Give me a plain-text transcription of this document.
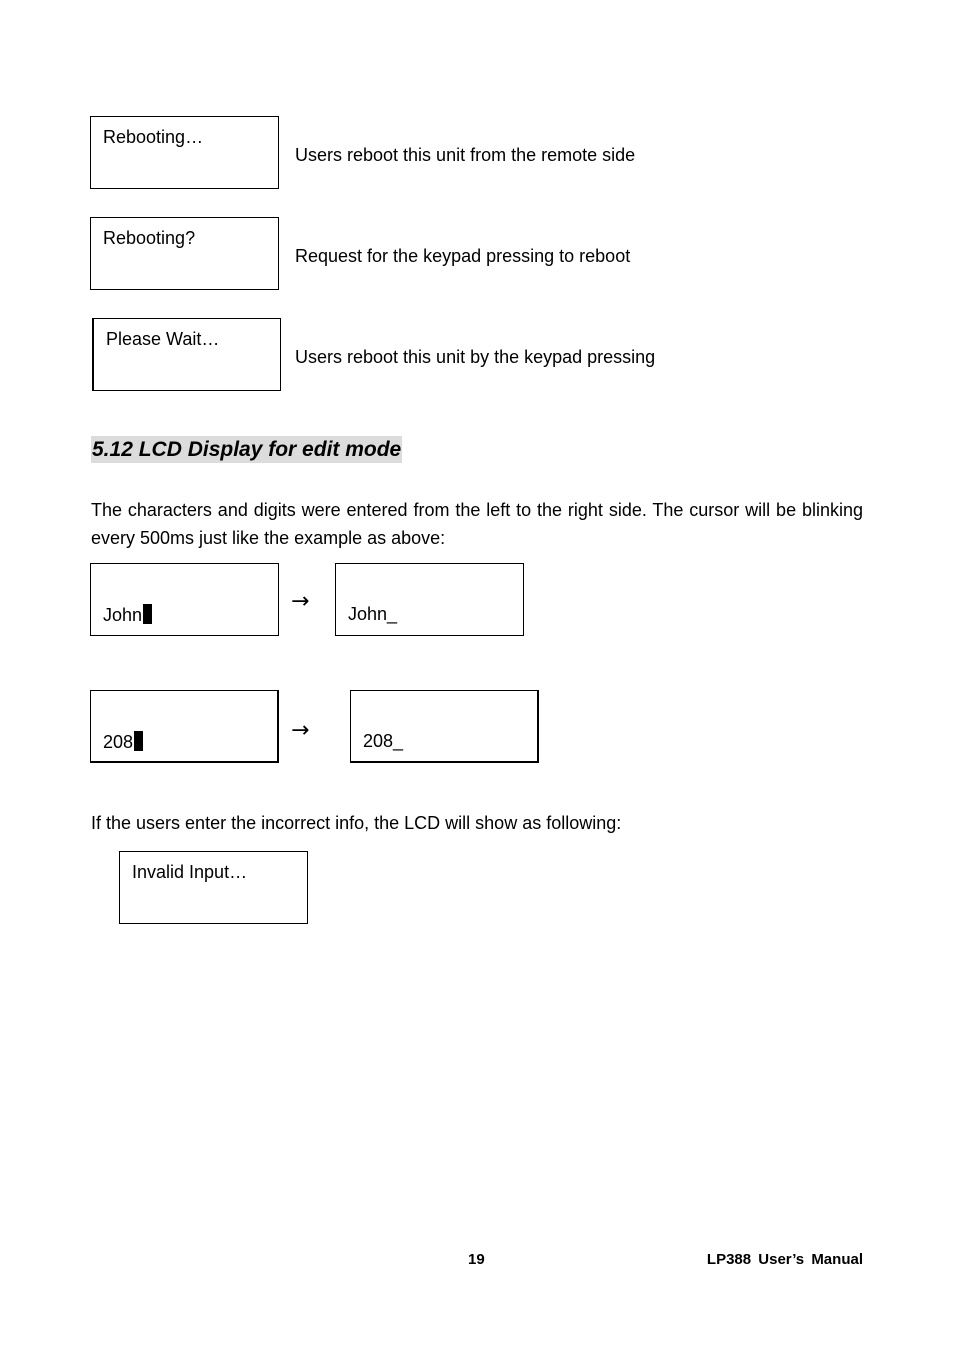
Rebooting…
Users reboot this unit from the remote side
Rebooting?
Request for the keypad pressing to reboot
Please Wait…
Users reboot this unit by the keypad pressing
5.12 LCD Display for edit mode
The characters and digits were entered from the left to the right side. The cursor will be blinking every 500ms just like the example as above:
John
→ John_
208	→	208_
If the users enter the incorrect info, the LCD will show as following:
Invalid Input…
19	LP388 User’s Manual
